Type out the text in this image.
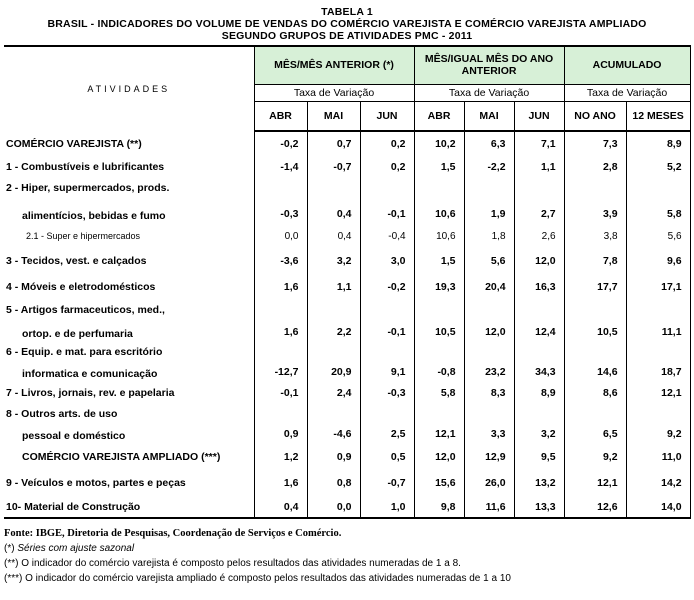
TABELA 1
BRASIL - INDICADORES DO VOLUME DE VENDAS DO COMÉRCIO VAREJISTA E COMÉRCIO VAREJISTA AMPLIADO
SEGUNDO GRUPOS DE ATIVIDADES PMC - 2011
ATIVIDADES	MÊS/MÊS ANTERIOR (*)			MÊS/IGUAL MÊS DO ANO ANTERIOR			ACUMULADO	
	Taxa de Variação			Taxa de Variação			Taxa de Variação	
	ABR	MAI	JUN	ABR	MAI	JUN	NO ANO	12 MESES
COMÉRCIO VAREJISTA (**)	-0,2	0,7	0,2	10,2	6,3	7,1	7,3	8,9
1 - Combustíveis e lubrificantes	-1,4	-0,7	0,2	1,5	-2,2	1,1	2,8	5,2

2 - Hiper, supermercados, prods.
alimentícios, bebidas e fumo	-0,3	0,4	-0,1	10,6	1,9	2,7	3,9	5,8
2.1 - Super e hipermercados	0,0	0,4	-0,4	10,6	1,8	2,6	3,8	5,6
3 - Tecidos, vest. e calçados	-3,6	3,2	3,0	1,5	5,6	12,0	7,8	9,6
4 - Móveis e eletrodomésticos	1,6	1,1	-0,2	19,3	20,4	16,3	17,7	17,1

5 - Artigos farmaceuticos, med.,
ortop. e de perfumaria	1,6	2,2	-0,1	10,5	12,0	12,4	10,5	11,1

6 - Equip. e mat. para escritório
informatica e comunicação	-12,7	20,9	9,1	-0,8	23,2	34,3	14,6	18,7
7 - Livros, jornais, rev. e papelaria	-0,1	2,4	-0,3	5,8	8,3	8,9	8,6	12,1

8 - Outros arts. de uso
pessoal e doméstico	0,9	-4,6	2,5	12,1	3,3	3,2	6,5	9,2
COMÉRCIO VAREJISTA AMPLIADO (***)	1,2	0,9	0,5	12,0	12,9	9,5	9,2	11,0
9 - Veículos e motos, partes e peças	1,6	0,8	-0,7	15,6	26,0	13,2	12,1	14,2
10- Material de Construção	0,4	0,0	1,0	9,8	11,6	13,3	12,6	14,0
Fonte: IBGE, Diretoria de Pesquisas, Coordenação de Serviços e Comércio.
(*) Séries com ajuste sazonal
(**) O indicador do comércio varejista é composto pelos resultados das atividades numeradas de 1 a 8.
(***) O indicador do comércio varejista ampliado é composto pelos resultados das atividades numeradas de 1 a 10
